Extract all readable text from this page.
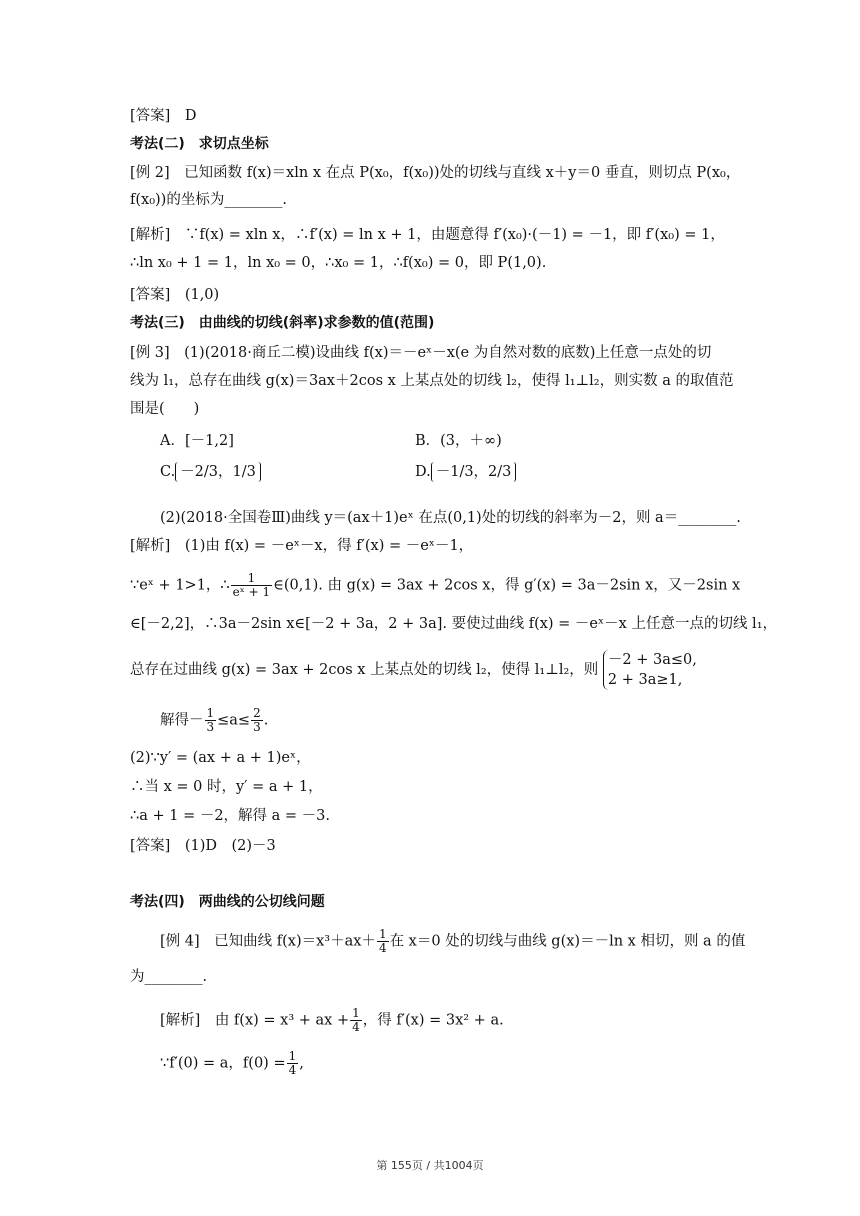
[答案]　D
考法(二)　求切点坐标
[例 2]　已知函数 f(x)＝xln x 在点 P(x₀，f(x₀))处的切线与直线 x＋y＝0 垂直，则切点 P(x₀，
f(x₀))的坐标为________.
[解析]　∵f(x) = xln x，∴f′(x) = ln x + 1，由题意得 f′(x₀)·(－1) = －1，即 f′(x₀) = 1，
∴ln x₀ + 1 = 1，ln x₀ = 0，∴x₀ = 1，∴f(x₀) = 0，即 P(1,0).
[答案]　(1,0)
考法(三)　由曲线的切线(斜率)求参数的值(范围)
[例 3]　(1)(2018·商丘二模)设曲线 f(x)＝－eˣ－x(e 为自然对数的底数)上任意一点处的切
线为 l₁，总存在曲线 g(x)＝3ax＋2cos x 上某点处的切线 l₂，使得 l₁⊥l₂，则实数 a 的取值范
围是(　　)
A．[－1,2]	B．(3，＋∞)
C. －2/3，1/3	D. －1/3，2/3
(2)(2018·全国卷Ⅲ)曲线 y＝(ax＋1)eˣ 在点(0,1)处的切线的斜率为－2，则 a＝________.
[解析]　(1)由 f(x) = －eˣ－x，得 f′(x) = －eˣ－1，
∵eˣ + 1>1，∴ $\frac{1}{\text{eˣ + 1}}$ ∈(0,1). 由 g(x) = 3ax + 2cos x，得 g′(x) = 3a－2sin x，又－2sin x
∈[－2,2]，∴3a－2sin x∈[－2 + 3a，2 + 3a]. 要使过曲线 f(x) = －eˣ－x 上任意一点的切线 l₁，
总存在过曲线 g(x) = 3ax + 2cos x 上某点处的切线 l₂，使得 l₁⊥l₂，则
－2 + 3a≤0,
2 + 3a≥1,
解得－ $\frac{1}{3} \le a\le \frac{2}{3}$ .
(2)∵y′ = (ax + a + 1)eˣ，
∴当 x = 0 时，y′ = a + 1，
∴a + 1 = －2，解得 a = －3.
[答案]　(1)D　(2)－3
考法(四)　两曲线的公切线问题
[例 4]　已知曲线 $f(x)=x^3+ax+ \frac{1}{4}$ 在 x＝0 处的切线与曲线 g(x)＝－ln x 相切，则 a 的值
为________.
[解析]　由 f(x) = x³ + ax + $\frac{1}{4}$ ，得 f′(x) = 3x² + a.
∵f′(0) = a，$f(0) = \frac{1}{4}$ ,
第 155页 / 共1004页
